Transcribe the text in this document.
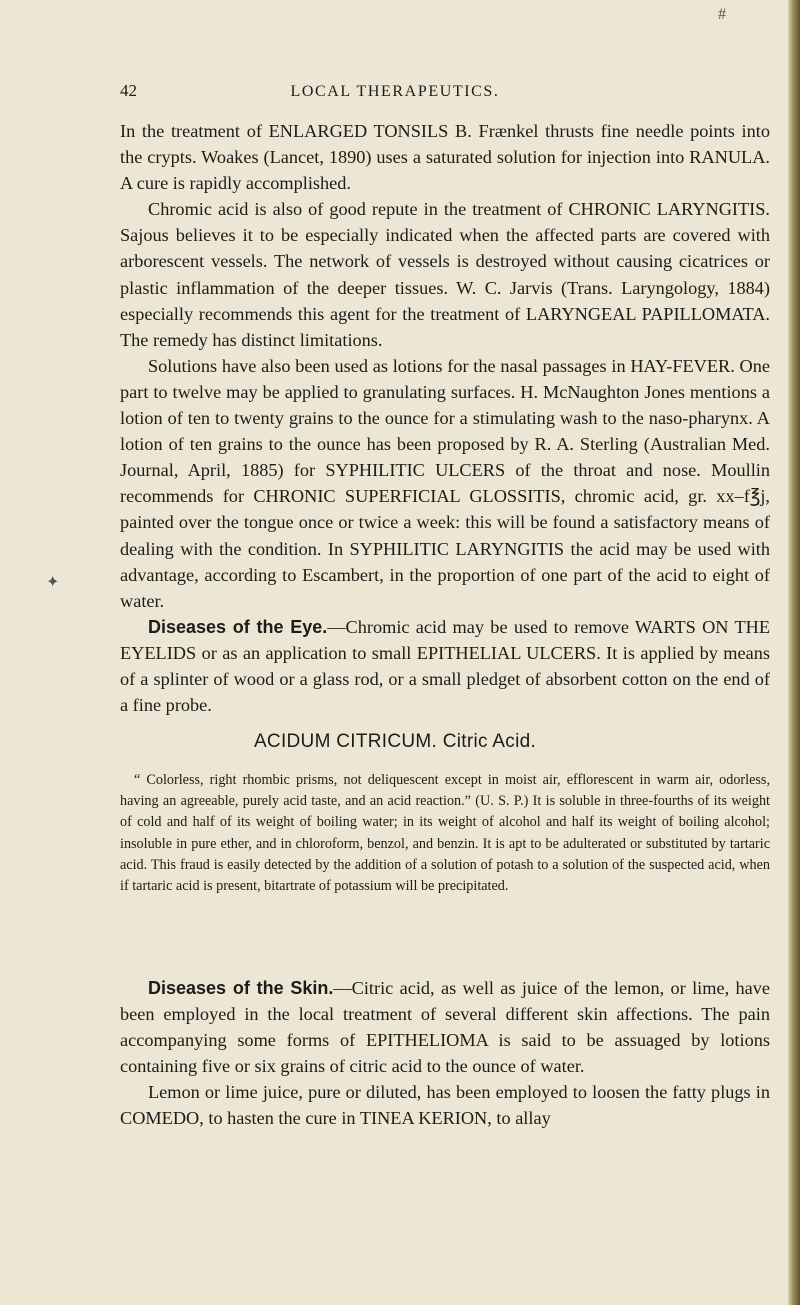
#
✦
42	LOCAL THERAPEUTICS.

In the treatment of ENLARGED TONSILS B. Frænkel thrusts fine needle points into the crypts. Woakes (Lancet, 1890) uses a saturated solution for injection into RANULA. A cure is rapidly accomplished.

Chromic acid is also of good repute in the treatment of CHRONIC LARYNGITIS. Sajous believes it to be especially indicated when the affected parts are covered with arborescent vessels. The network of vessels is destroyed without causing cicatrices or plastic inflammation of the deeper tissues. W. C. Jarvis (Trans. Laryngology, 1884) especially recommends this agent for the treatment of LARYNGEAL PAPILLOMATA. The remedy has distinct limitations.

Solutions have also been used as lotions for the nasal passages in HAY-FEVER. One part to twelve may be applied to granulating surfaces. H. McNaughton Jones mentions a lotion of ten to twenty grains to the ounce for a stimulating wash to the naso-pharynx. A lotion of ten grains to the ounce has been proposed by R. A. Sterling (Australian Med. Journal, April, 1885) for SYPHILITIC ULCERS of the throat and nose. Moullin recommends for CHRONIC SUPERFICIAL GLOSSITIS, chromic acid, gr. xx–f℥j, painted over the tongue once or twice a week: this will be found a satisfactory means of dealing with the condition. In SYPHILITIC LARYNGITIS the acid may be used with advantage, according to Escambert, in the proportion of one part of the acid to eight of water.

Diseases of the Eye.—Chromic acid may be used to remove WARTS ON THE EYELIDS or as an application to small EPITHELIAL ULCERS. It is applied by means of a splinter of wood or a glass rod, or a small pledget of absorbent cotton on the end of a fine probe.

ACIDUM CITRICUM. Citric Acid.

“ Colorless, right rhombic prisms, not deliquescent except in moist air, efflorescent in warm air, odorless, having an agreeable, purely acid taste, and an acid reaction.” (U. S. P.) It is soluble in three-fourths of its weight of cold and half of its weight of boiling water; in its weight of alcohol and half its weight of boiling alcohol; insoluble in pure ether, and in chloroform, benzol, and benzin. It is apt to be adulterated or substituted by tartaric acid. This fraud is easily detected by the addition of a solution of potash to a solution of the suspected acid, when if tartaric acid is present, bitartrate of potassium will be precipitated.

Diseases of the Skin.—Citric acid, as well as juice of the lemon, or lime, have been employed in the local treatment of several different skin affections. The pain accompanying some forms of EPITHELIOMA is said to be assuaged by lotions containing five or six grains of citric acid to the ounce of water.

Lemon or lime juice, pure or diluted, has been employed to loosen the fatty plugs in COMEDO, to hasten the cure in TINEA KERION, to allay
